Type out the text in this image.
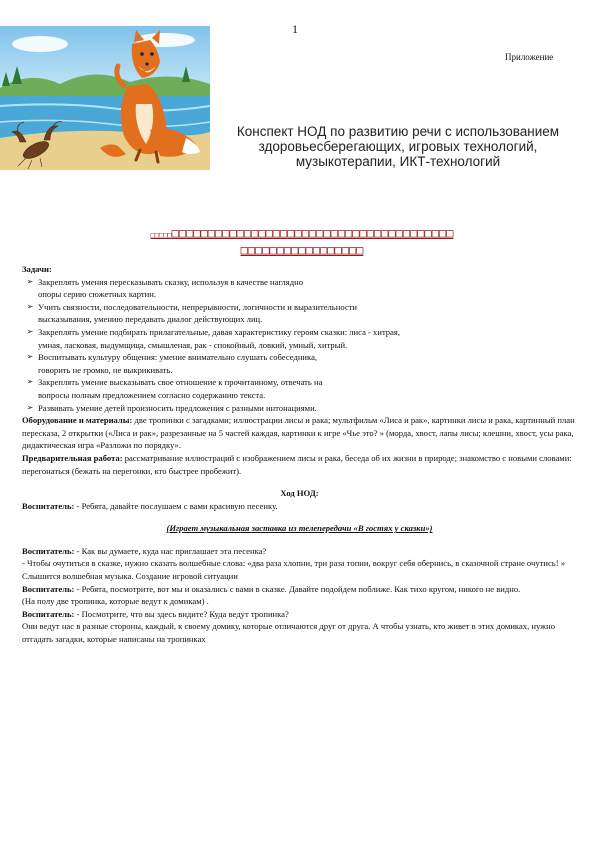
1
Приложение
Конспект НОД по развитию речи с использованием здоровьесберегающих, игровых технологий, музыкотерапии, ИКТ-технологий
□□□□□□□□□□□□□□□□□□□□□□□□□□□□□□□□□□□□□□□□□□□□
□□□□□□□□□□□□□□□□□

Задачи:

➢ Закреплять умения пересказывать сказку, используя в качестве наглядно
опоры серию сюжетных картин.
➢ Учить связности, последовательности, непрерывности, логичности и выразительности
высказывания, умению передавать диалог действующих лиц.
➢ Закреплять умение подбирать прилагательные, давая характеристику героям сказки: лиса - хитрая,
умная, ласковая, выдумщица, смышленая, рак - спокойный, ловкий, умный, хитрый.
➢ Воспитывать культуру общения: умение внимательно слушать собеседника,
говорить не громко, не выкрикивать.
➢ Закреплять умение высказывать свое отношение к прочитанному, отвечать на
вопросы полным предложением согласно содержанию текста.
➢ Развивать умение детей произносить предложения с разными интонациями.

Оборудование и материалы: две тропинки с загадками; иллюстрации лисы и рака; мультфильм «Лиса и рак», картинки лисы и рака, картинный план пересказа, 2 открытки («Лиса и рак», разрезанные на 5 частей каждая, картинки к игре «Чье это? » (морда, хвост, лапы лисы; клешни, хвост, усы рака, дидактическая игра «Разложи по порядку».

Предварительная работа: рассматривание иллюстраций с изображением лисы и рака, беседа об их жизни в природе; знакомство с новыми словами: перегонаться (бежать на перегонки, кто быстрее пробежит).

Ход НОД:

Воспитатель: - Ребята, давайте послушаем с вами красивую песенку.

(Играет музыкальная заставка из телепередачи «В гостях у сказки»)

Воспитатель: - Как вы думаете, куда нас приглашает эта песенка?

- Чтобы очутиться в сказке, нужно сказать волшебные слова: «два раза хлопни, три раза топни, вокруг себя обернись, в сказочной стране очутись! »

Слышится волшебная музыка. Создание игровой ситуации

Воспитатель: - Ребята, посмотрите, вот мы и оказались с вами в сказке. Давайте подойдем поближе. Как тихо кругом, никого не видно.

(На полу две тропинка, которые ведут к домикам) .

Воспитатель: - Посмотрите, что вы здесь видите? Куда ведут тропинка?

Они ведут нас в разные стороны, каждый, к своему домику, которые отличаются друг от друга. А чтобы узнать, кто живет в этих домиках, нужно отгадать загадки, которые написаны на тропинках
